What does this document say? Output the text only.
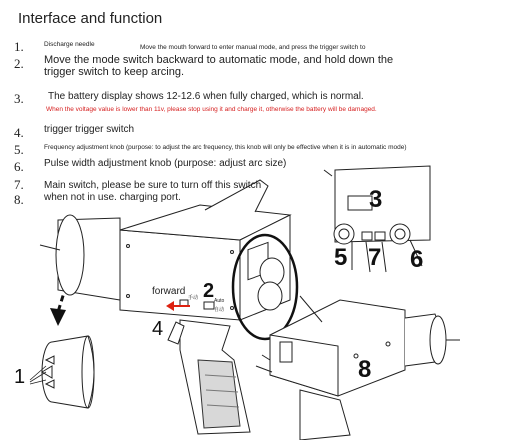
Interface and function
1.	Discharge needle	Move the mouth forward to enter manual mode, and press the trigger switch to
2. Move the mode switch backward to automatic mode, and hold down the trigger switch to keep arcing.
3. The battery display shows 12-12.6 when fully charged, which is normal.
When the voltage value is lower than 11v, please stop using it and charge it, otherwise the battery will be damaged.
4. trigger trigger switch
5.	Frequency adjustment knob (purpose: to adjust the arc frequency, this knob will only be effective when it is in automatic mode)
6. Pulse width adjustment knob (purpose: adjust arc size)
7. Main switch, please be sure to turn off this switch when not in use. charging port.
8.
forward
手动	Auto
自动
1
2
3
4
5	6
7
8
